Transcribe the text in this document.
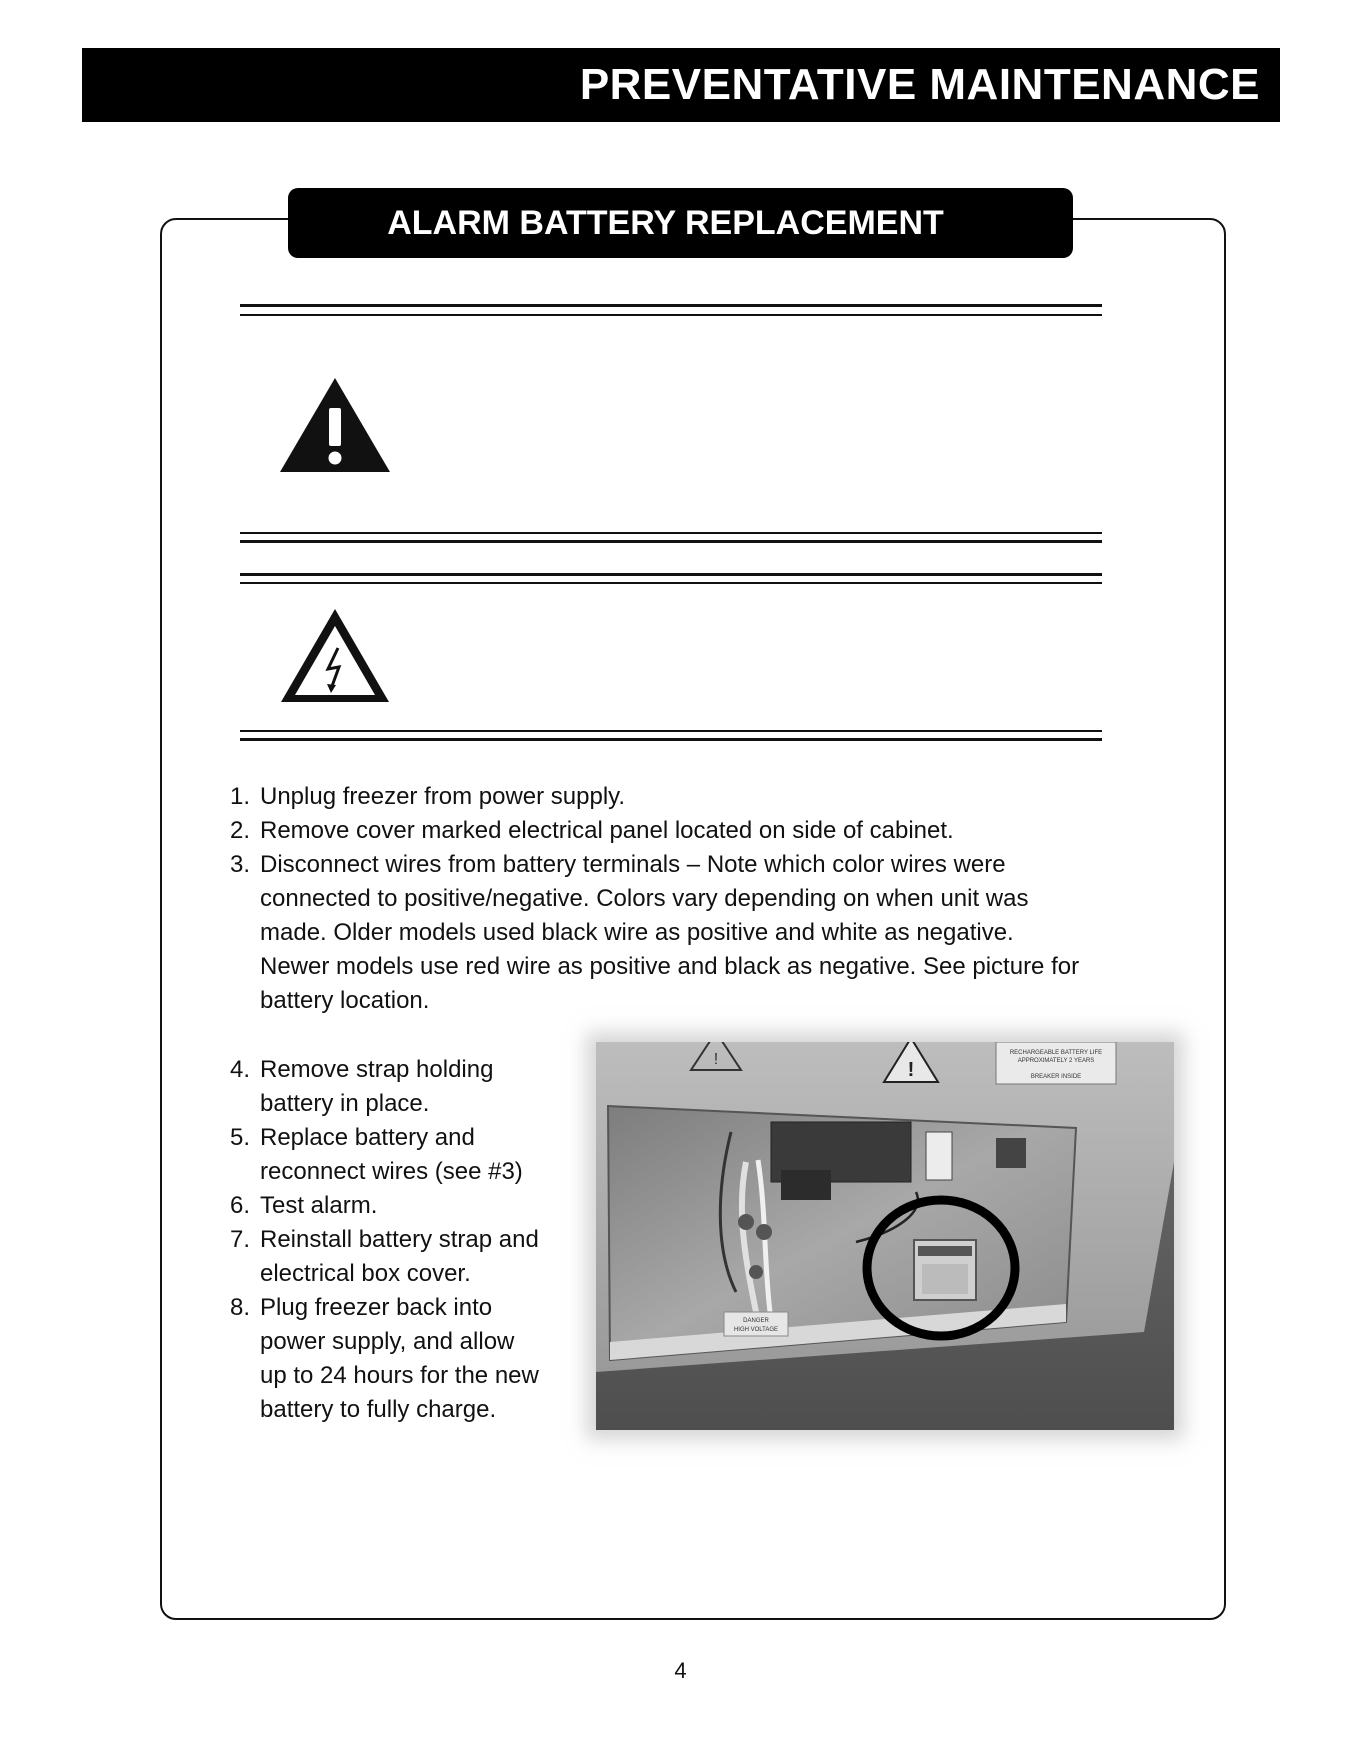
PREVENTATIVE MAINTENANCE
ALARM BATTERY REPLACEMENT
1. Unplug freezer from power supply.
2. Remove cover marked electrical panel located on side of cabinet.
3. Disconnect wires from battery terminals – Note which color wires were
connected to positive/negative. Colors vary depending on when unit was
made. Older models used black wire as positive and white as negative.
Newer models use red wire as positive and black as negative. See picture for
battery location.
4. Remove strap holding
battery in place.
5. Replace battery and
reconnect wires (see #3)
6. Test alarm.
7. Reinstall battery strap and
electrical box cover.
8. Plug freezer back into
power supply, and allow
up to 24 hours for the new
battery to fully charge.
!	!
RECHARGEABLE BATTERY LIFE
APPROXIMATELY 2 YEARS
BREAKER INSIDE
DANGER
HIGH VOLTAGE
4
